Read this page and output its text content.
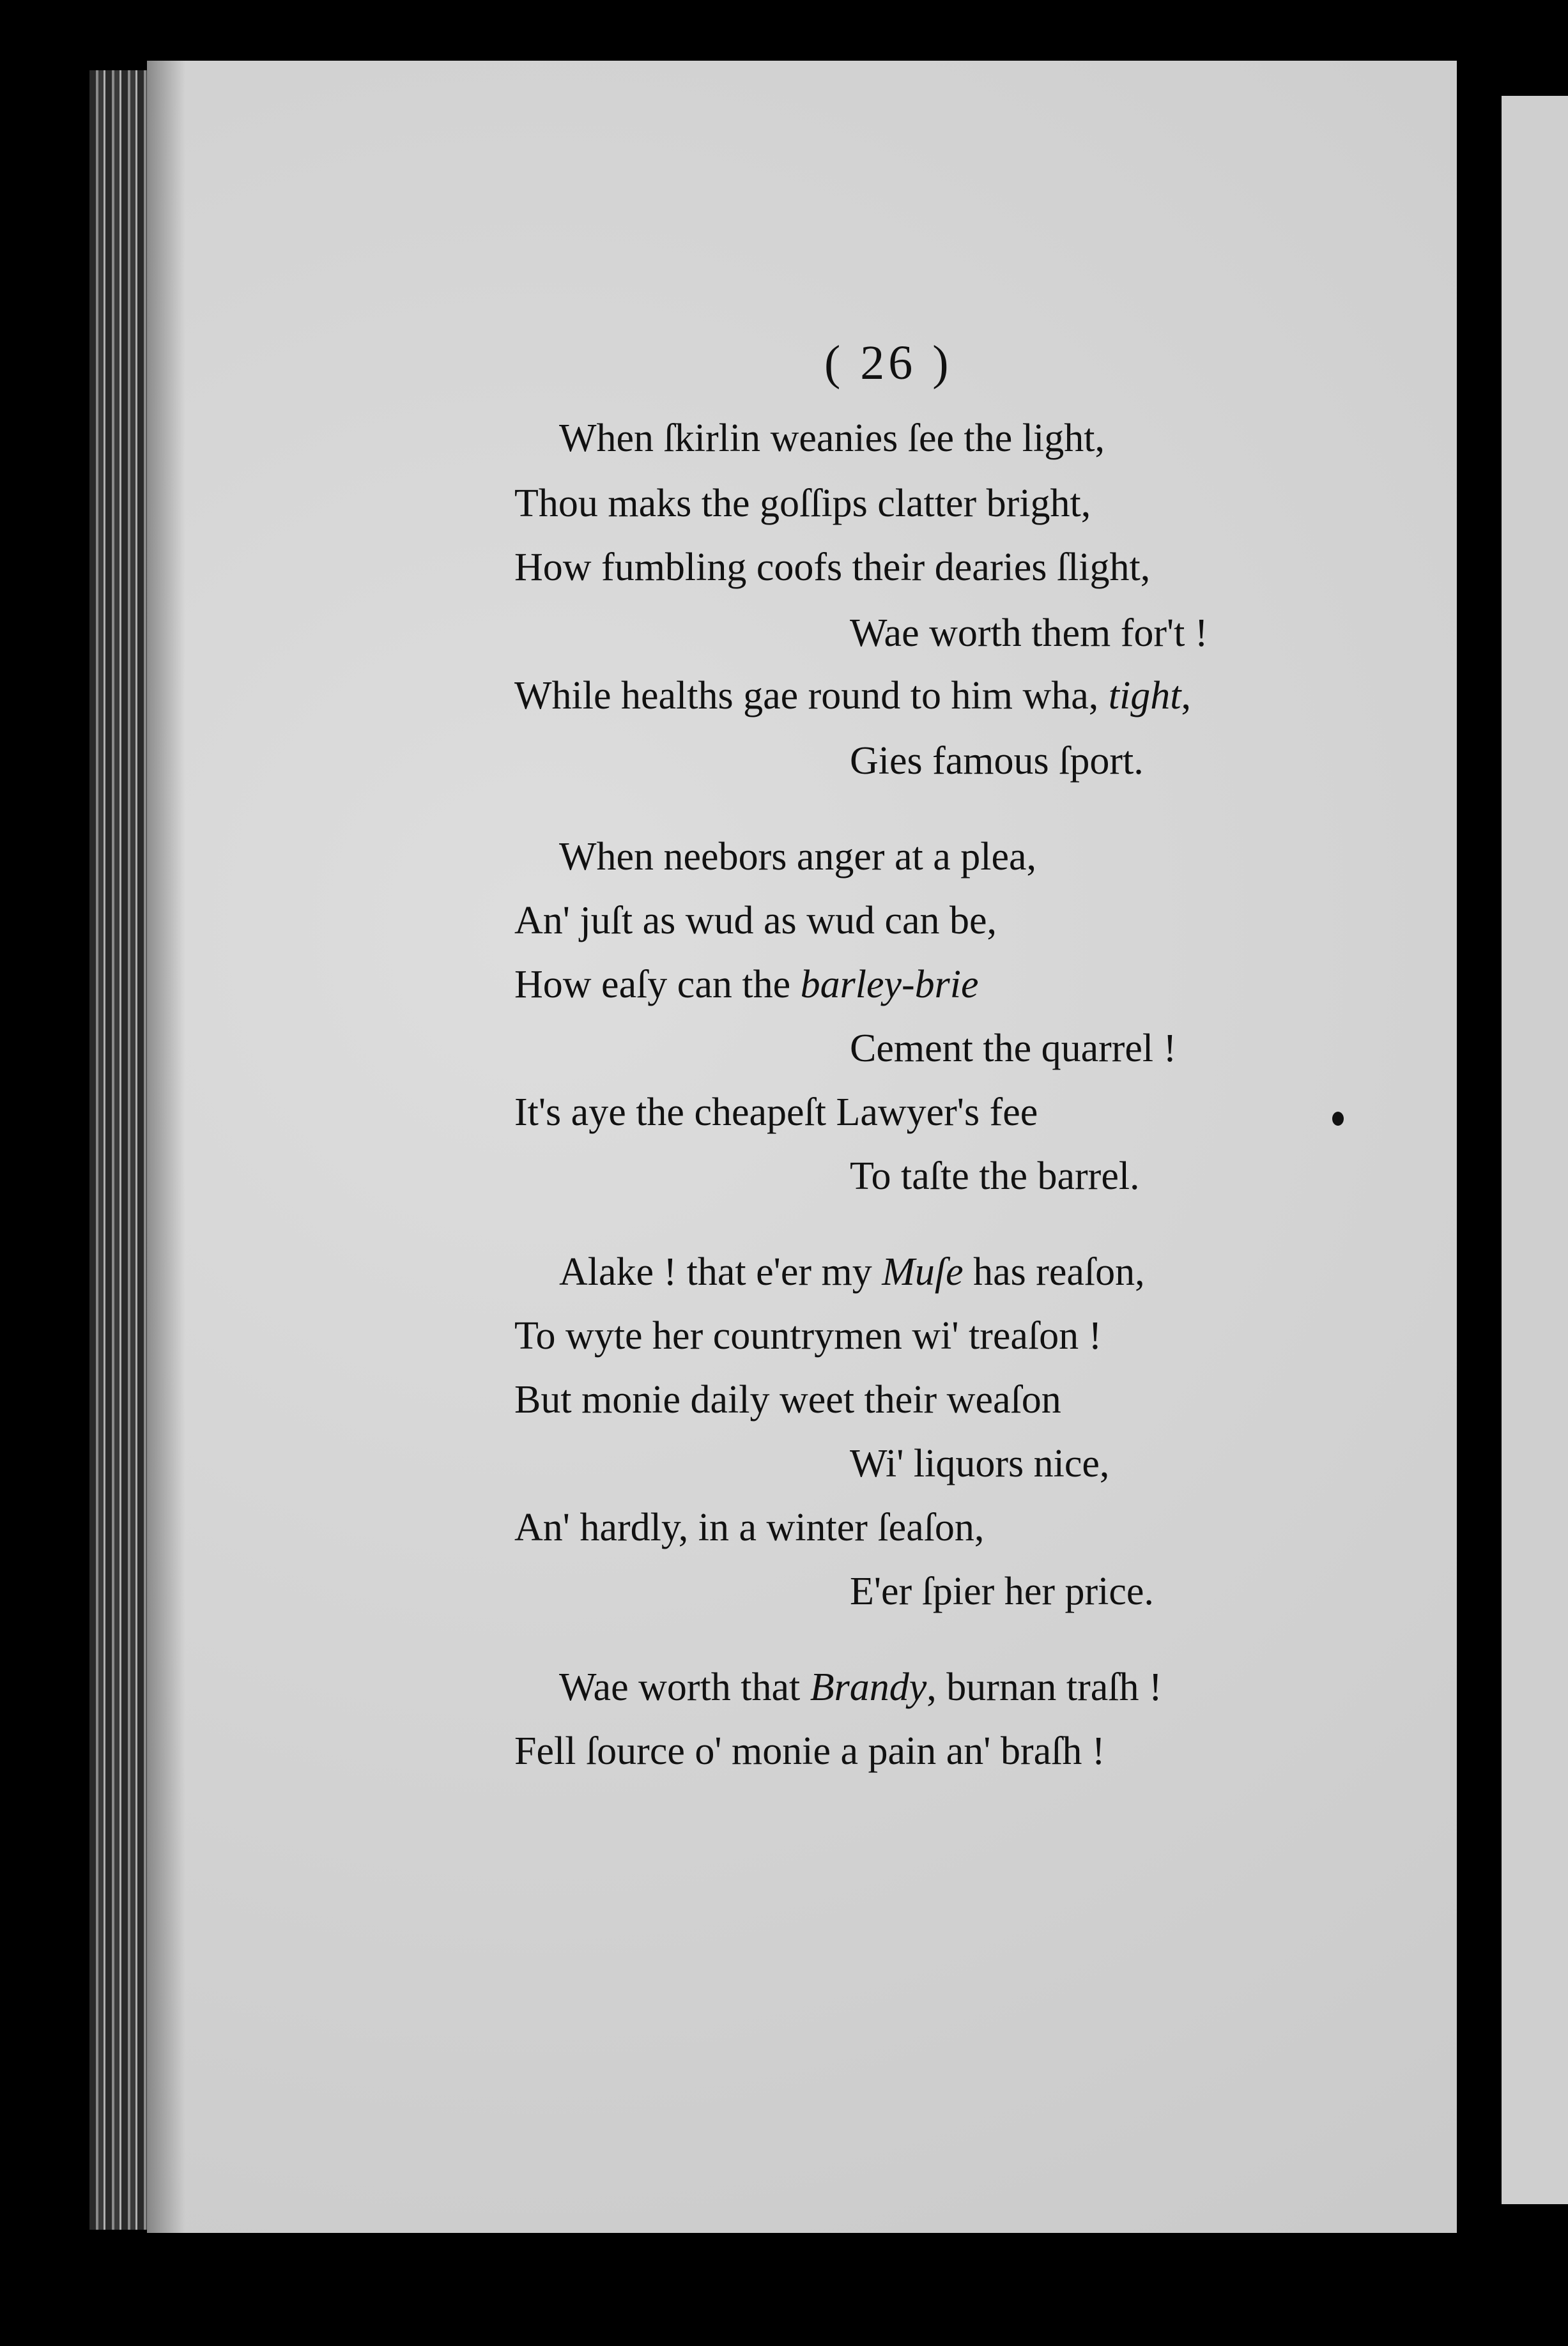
( 26 )
When ſkirlin weanies ſee the light,
Thou maks the goſſips clatter bright,
How fumbling coofs their dearies ſlight,
Wae worth them for't !
While healths gae round to him wha, tight,
Gies famous ſport.
When neebors anger at a plea,
An' juſt as wud as wud can be,
How eaſy can the barley-brie
Cement the quarrel !
It's aye the cheapeſt Lawyer's fee
To taſte the barrel.
Alake ! that e'er my Muſe has reaſon,
To wyte her countrymen wi' treaſon !
But monie daily weet their weaſon
Wi' liquors nice,
An' hardly, in a winter ſeaſon,
E'er ſpier her price.
Wae worth that Brandy, burnan traſh !
Fell ſource o' monie a pain an' braſh !
